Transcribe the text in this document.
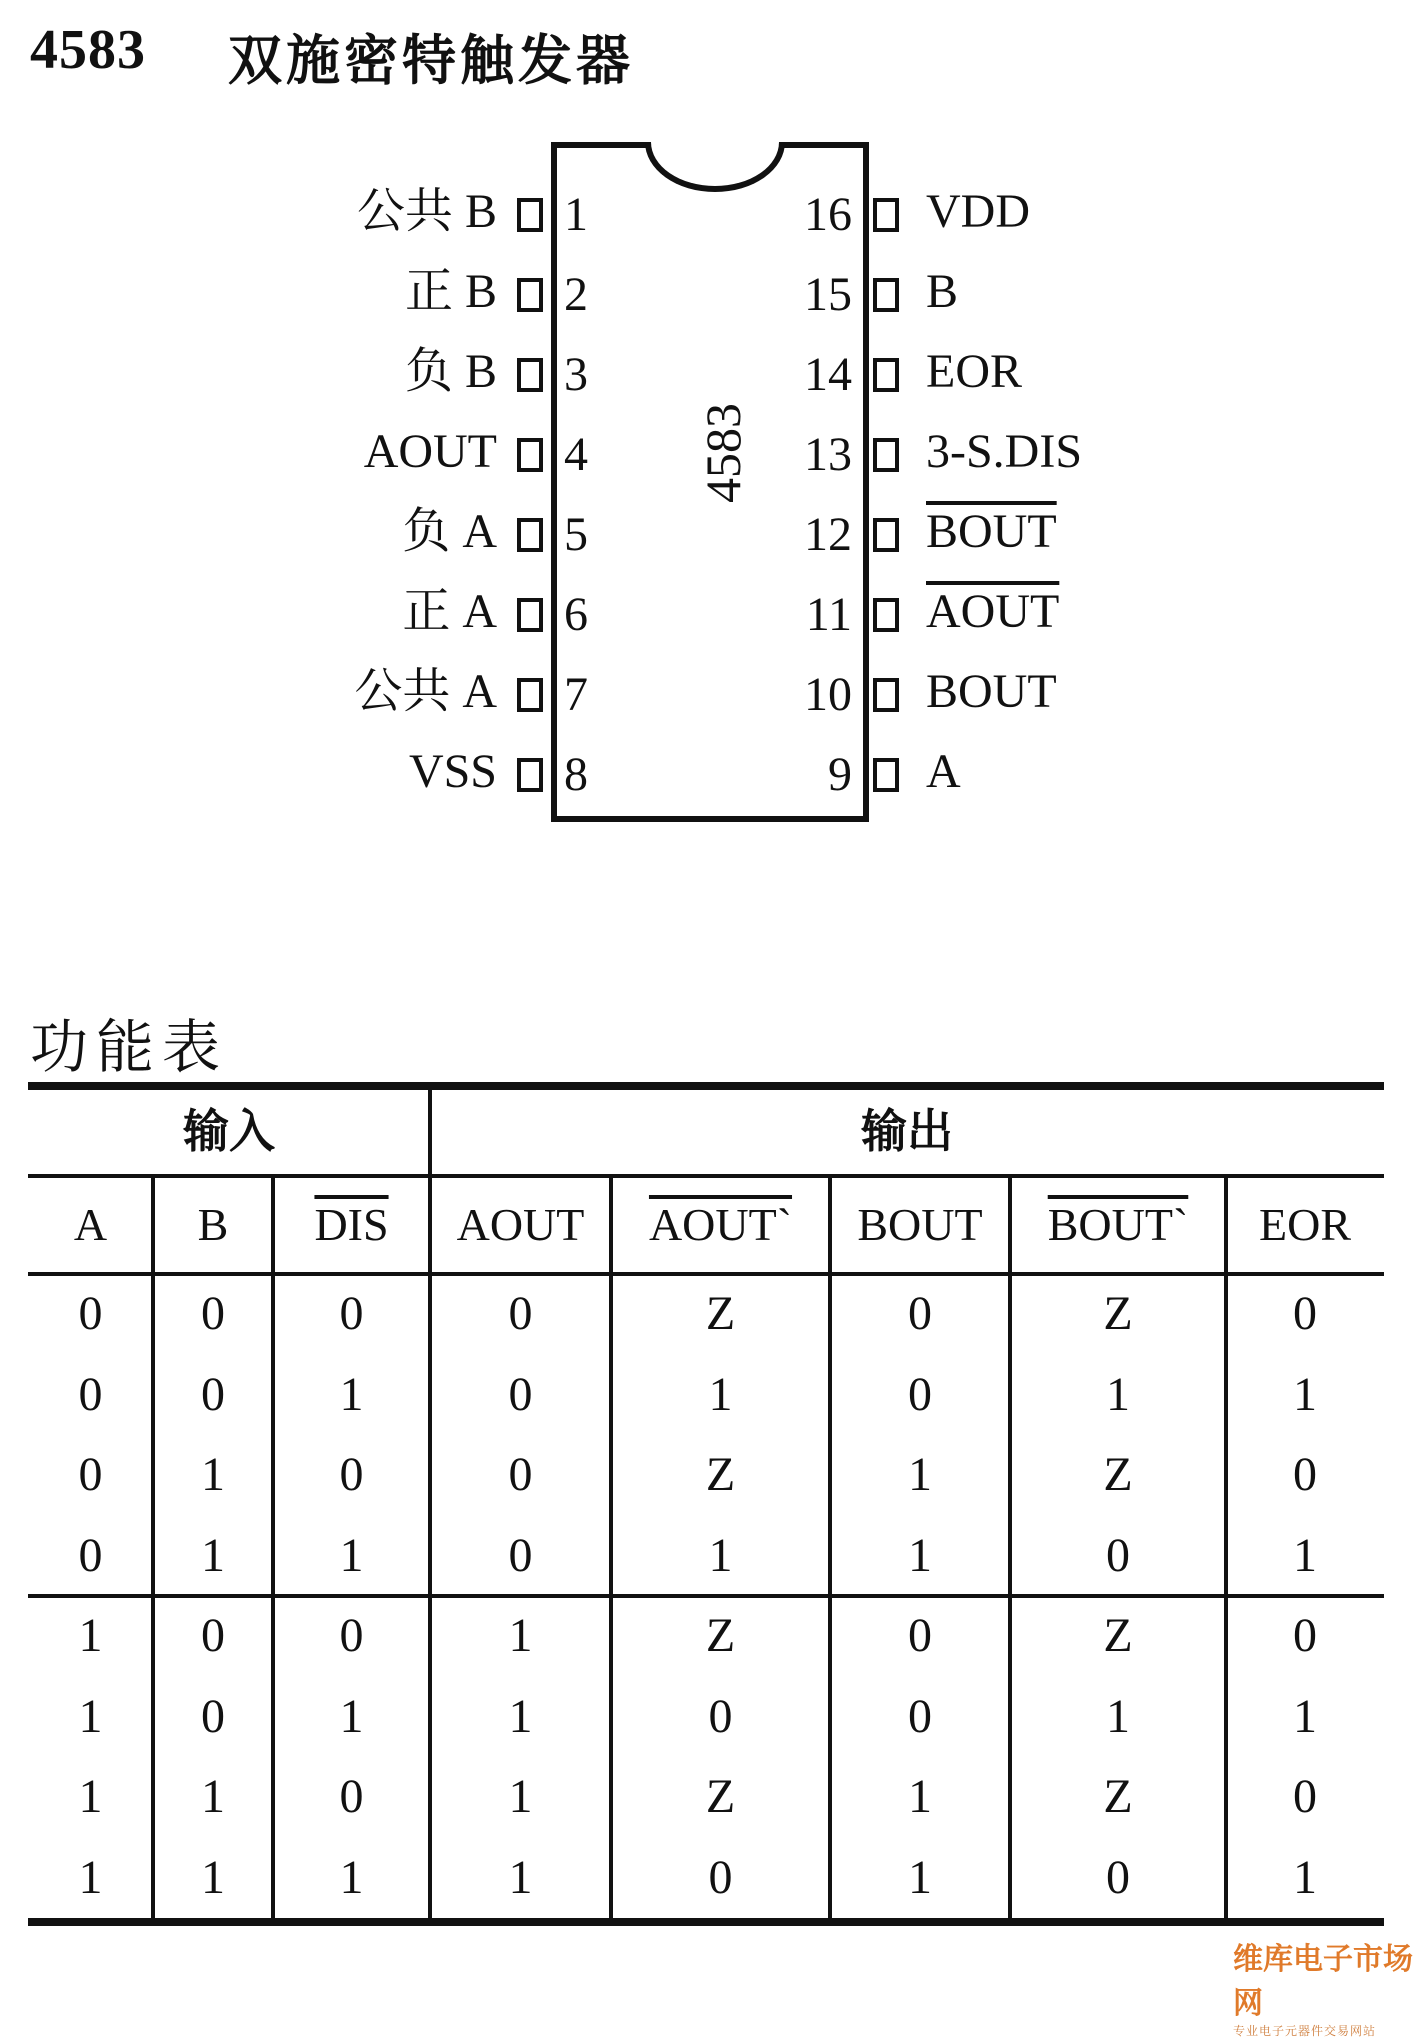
4583 双施密特触发器
4583
1
公共 B
2
正 B
3
负 B
4
AOUT
5
负 A
6
正 A
7
公共 A
8
VSS
16 VDD
15 B
14 EOR
13 3-S.DIS
12 BOUT
11 AOUT
10 BOUT
9 A
功能表
输入	输出
A	B	$\overline{DIS}$	AOUT	AOUT`	BOUT	BOUT`	EOR
0	0	0	0	Z	0	Z	0
0	0	1	0	1	0	1	1
0	1	0	0	Z	1	Z	0
0	1	1	0	1	1	0	1
1	0	0	1	Z	0	Z	0
1	0	1	1	0	0	1	1
1	1	0	1	Z	1	Z	0
1	1	1	1	0	1	0	1
维库电子市场网
专业电子元器件交易网站
